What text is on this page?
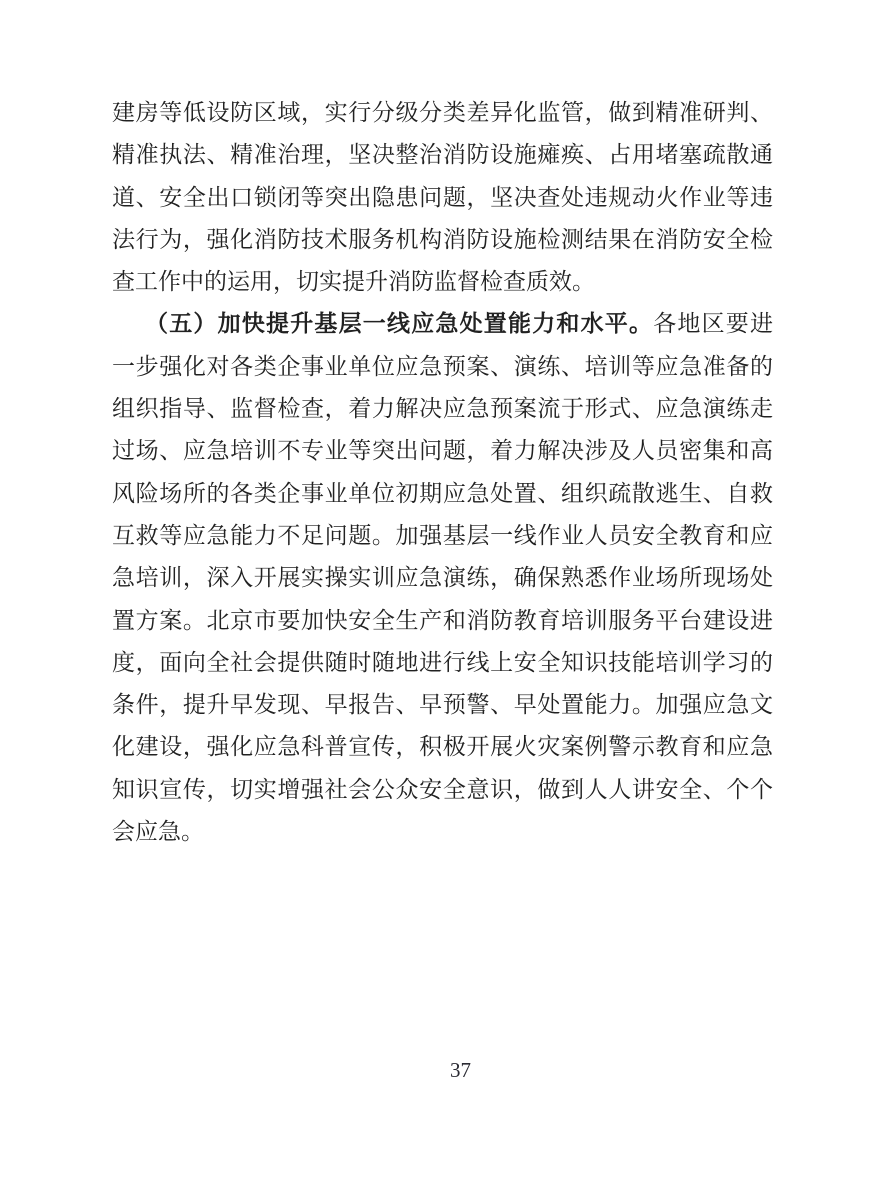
建房等低设防区域，实行分级分类差异化监管，做到精准研判、
精准执法、精准治理，坚决整治消防设施瘫痪、占用堵塞疏散通
道、安全出口锁闭等突出隐患问题，坚决查处违规动火作业等违
法行为，强化消防技术服务机构消防设施检测结果在消防安全检
查工作中的运用，切实提升消防监督检查质效。
（五）加快提升基层一线应急处置能力和水平。各地区要进
一步强化对各类企事业单位应急预案、演练、培训等应急准备的
组织指导、监督检查，着力解决应急预案流于形式、应急演练走
过场、应急培训不专业等突出问题，着力解决涉及人员密集和高
风险场所的各类企事业单位初期应急处置、组织疏散逃生、自救
互救等应急能力不足问题。加强基层一线作业人员安全教育和应
急培训，深入开展实操实训应急演练，确保熟悉作业场所现场处
置方案。北京市要加快安全生产和消防教育培训服务平台建设进
度，面向全社会提供随时随地进行线上安全知识技能培训学习的
条件，提升早发现、早报告、早预警、早处置能力。加强应急文
化建设，强化应急科普宣传，积极开展火灾案例警示教育和应急
知识宣传，切实增强社会公众安全意识，做到人人讲安全、个个
会应急。
37
